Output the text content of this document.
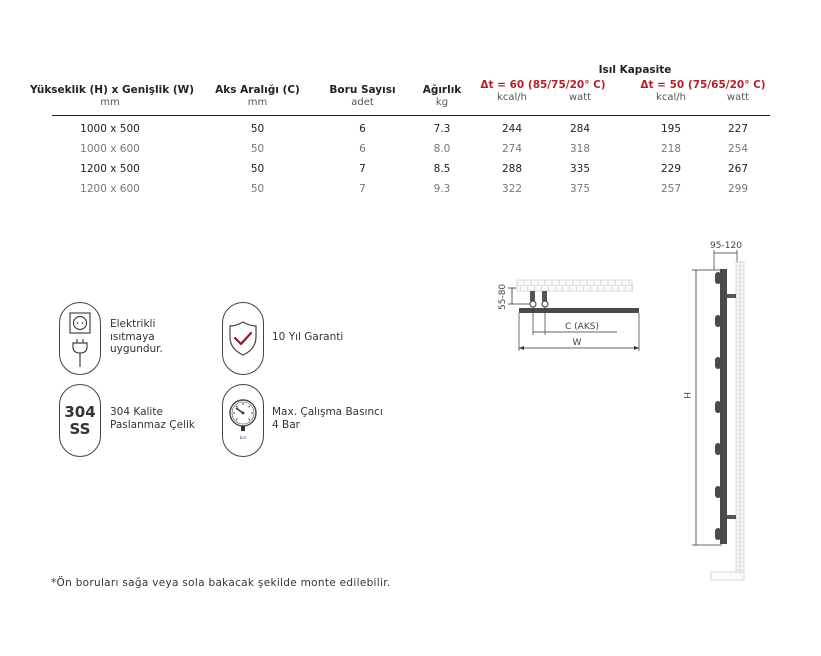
Isıl Kapasite
Yükseklik (H) x Genişlik (W)
mm
Aks Aralığı (C)
mm
Boru Sayısı
adet
Ağırlık
kg
Δt = 60 (85/75/20° C)
kcal/h	watt
Δt = 50 (75/65/20° C)
kcal/h	watt
1000 x 500	50	6	7.3	244	284	195	227
1000 x 600	50	6	8.0	274	318	218	254
1200 x 500	50	7	8.5	288	335	229	267
1200 x 600	50	7	9.3	322	375	257	299
Elektrikli
ısıtmaya
uygundur.
10 Yıl Garanti
304
SS
304 Kalite
Paslanmaz Çelik
bar
Max. Çalışma Basıncı
4 Bar
55-80
C (AKS)
W
95-120
H
*Ön boruları sağa veya sola bakacak şekilde monte edilebilir.
